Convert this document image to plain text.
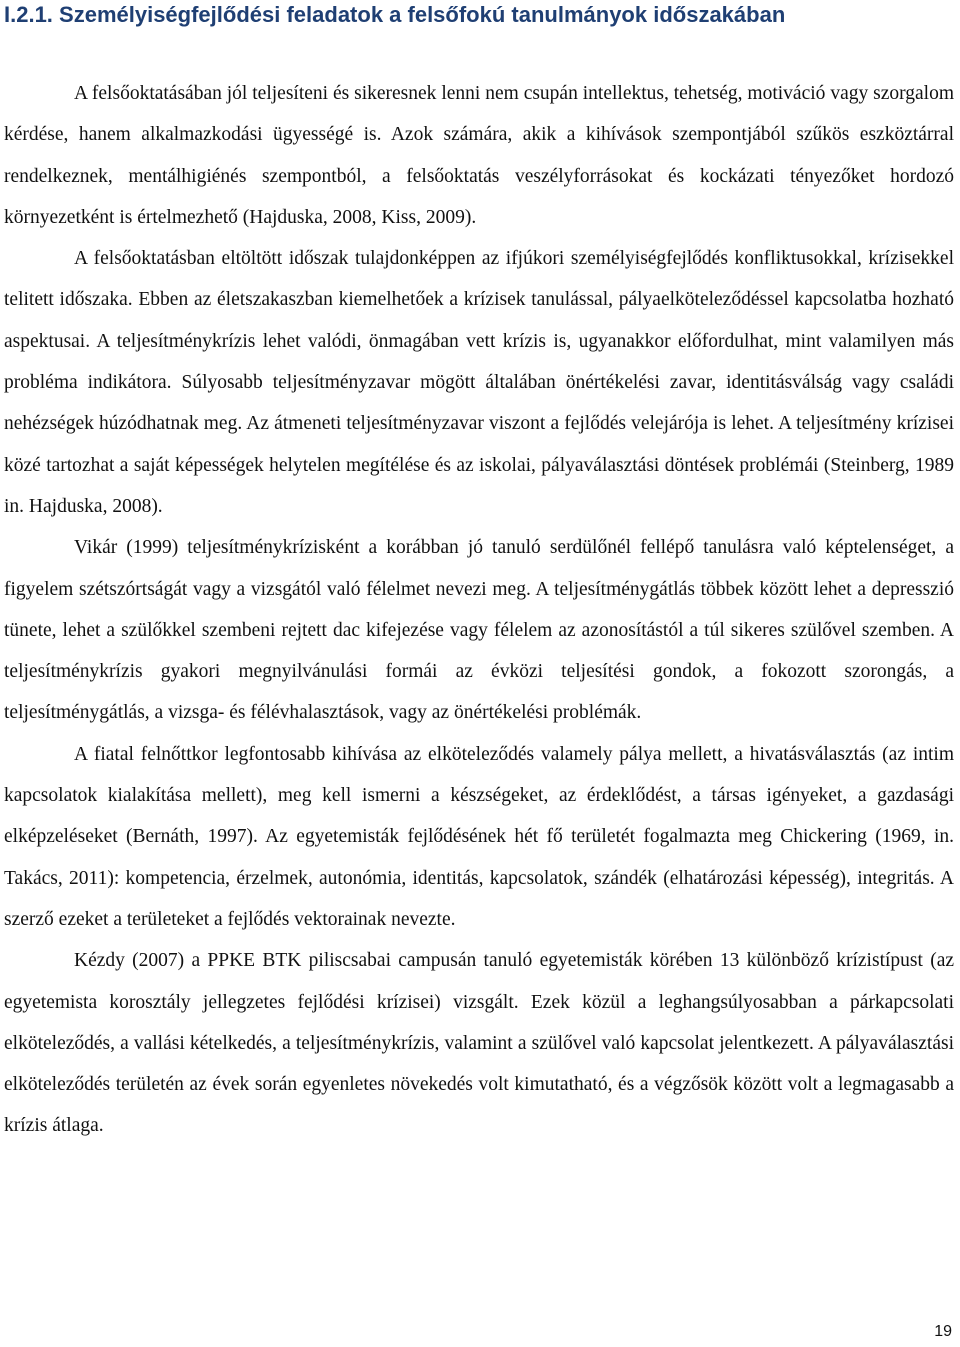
I.2.1. Személyiségfejlődési feladatok a felsőfokú tanulmányok időszakában

A felsőoktatásában jól teljesíteni és sikeresnek lenni nem csupán intellektus, tehetség, motiváció vagy szorgalom kérdése, hanem alkalmazkodási ügyességé is. Azok számára, akik a kihívások szempontjából szűkös eszköztárral rendelkeznek, mentálhigiénés szempontból, a felsőoktatás veszélyforrásokat és kockázati tényezőket hordozó környezetként is értelmezhető (Hajduska, 2008, Kiss, 2009).

A felsőoktatásban eltöltött időszak tulajdonképpen az ifjúkori személyiségfejlődés konfliktusokkal, krízisekkel telitett időszaka. Ebben az életszakaszban kiemelhetőek a krízisek tanulással, pályaelköteleződéssel kapcsolatba hozható aspektusai. A teljesítménykrízis lehet valódi, önmagában vett krízis is, ugyanakkor előfordulhat, mint valamilyen más probléma indikátora. Súlyosabb teljesítményzavar mögött általában önértékelési zavar, identitásválság vagy családi nehézségek húzódhatnak meg. Az átmeneti teljesítményzavar viszont a fejlődés velejárója is lehet. A teljesítmény krízisei közé tartozhat a saját képességek helytelen megítélése és az iskolai, pályaválasztási döntések problémái (Steinberg, 1989 in. Hajduska, 2008).

Vikár (1999) teljesítménykrízisként a korábban jó tanuló serdülőnél fellépő tanulásra való képtelenséget, a figyelem szétszórtságát vagy a vizsgától való félelmet nevezi meg. A teljesítménygátlás többek között lehet a depresszió tünete, lehet a szülőkkel szembeni rejtett dac kifejezése vagy félelem az azonosítástól a túl sikeres szülővel szemben. A teljesítménykrízis gyakori megnyilvánulási formái az évközi teljesítési gondok, a fokozott szorongás, a teljesítménygátlás, a vizsga- és félévhalasztások, vagy az önértékelési problémák.

A fiatal felnőttkor legfontosabb kihívása az elköteleződés valamely pálya mellett, a hivatásválasztás (az intim kapcsolatok kialakítása mellett), meg kell ismerni a készségeket, az érdeklődést, a társas igényeket, a gazdasági elképzeléseket (Bernáth, 1997). Az egyetemisták fejlődésének hét fő területét fogalmazta meg Chickering (1969, in. Takács, 2011): kompetencia, érzelmek, autonómia, identitás, kapcsolatok, szándék (elhatározási képesség), integritás. A szerző ezeket a területeket a fejlődés vektorainak nevezte.

Kézdy (2007) a PPKE BTK piliscsabai campusán tanuló egyetemisták körében 13 különböző krízistípust (az egyetemista korosztály jellegzetes fejlődési krízisei) vizsgált. Ezek közül a leghangsúlyosabban a párkapcsolati elköteleződés, a vallási kételkedés, a teljesítménykrízis, valamint a szülővel való kapcsolat jelentkezett. A pályaválasztási elköteleződés területén az évek során egyenletes növekedés volt kimutatható, és a végzősök között volt a legmagasabb a krízis átlaga.

19
